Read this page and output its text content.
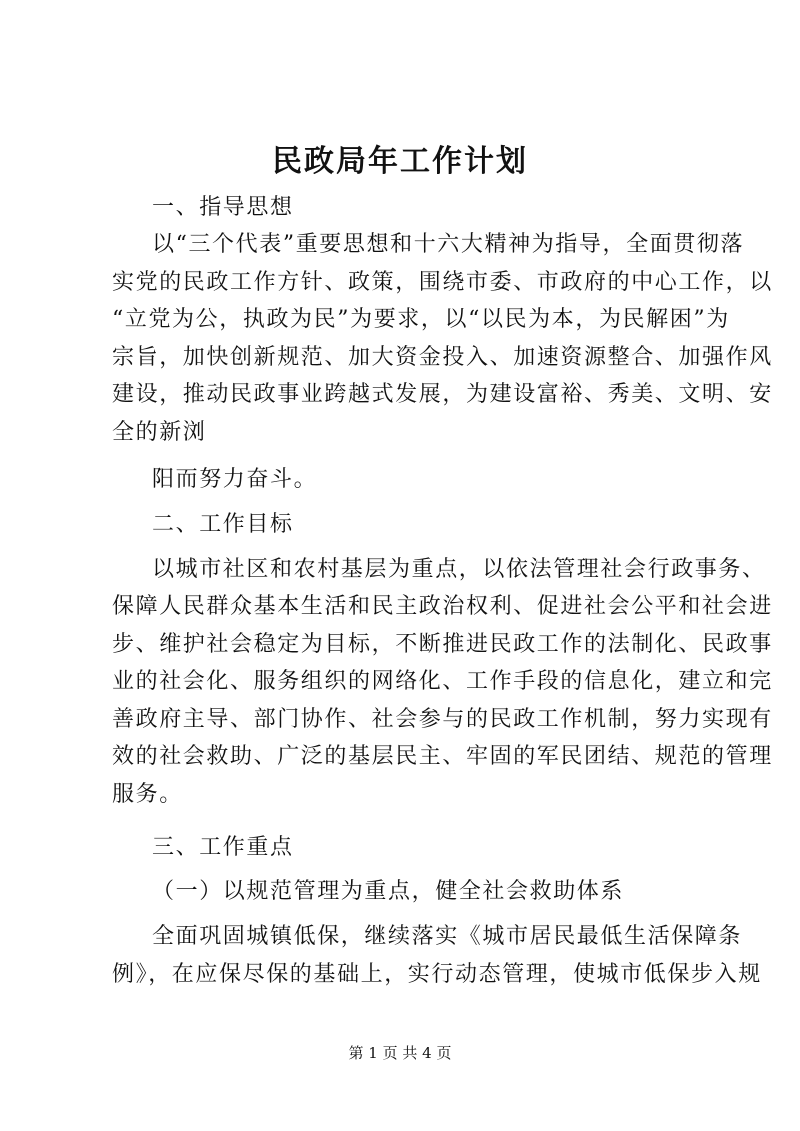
民政局年工作计划
一、指导思想
以“三个代表”重要思想和十六大精神为指导，全面贯彻落
实党的民政工作方针、政策，围绕市委、市政府的中心工作，以
“立党为公，执政为民”为要求，以“以民为本，为民解困”为
宗旨，加快创新规范、加大资金投入、加速资源整合、加强作风
建设，推动民政事业跨越式发展，为建设富裕、秀美、文明、安
全的新浏
阳而努力奋斗。
二、工作目标
以城市社区和农村基层为重点，以依法管理社会行政事务、
保障人民群众基本生活和民主政治权利、促进社会公平和社会进
步、维护社会稳定为目标，不断推进民政工作的法制化、民政事
业的社会化、服务组织的网络化、工作手段的信息化，建立和完
善政府主导、部门协作、社会参与的民政工作机制，努力实现有
效的社会救助、广泛的基层民主、牢固的军民团结、规范的管理
服务。
三、工作重点
（一）以规范管理为重点，健全社会救助体系
全面巩固城镇低保，继续落实《城市居民最低生活保障条
例》，在应保尽保的基础上，实行动态管理，使城市低保步入规
第 1 页 共 4 页
